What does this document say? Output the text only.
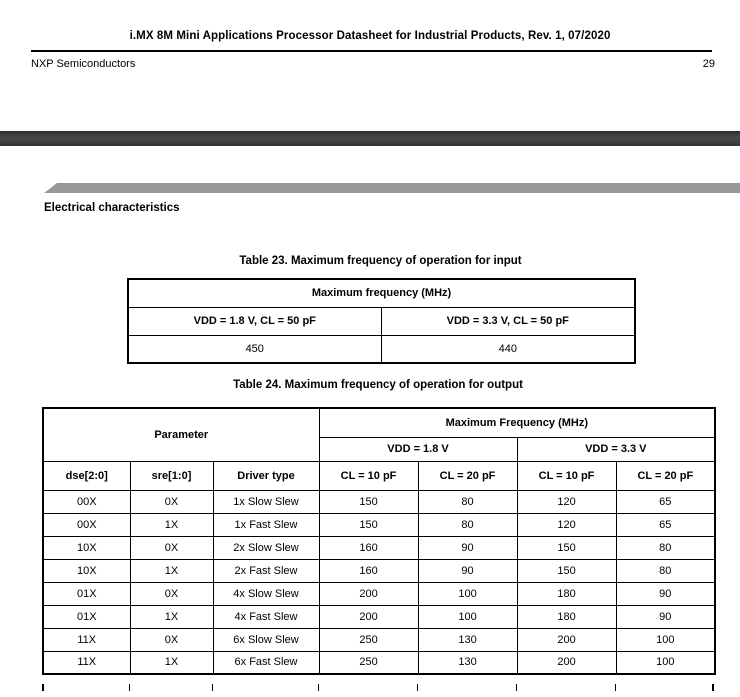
i.MX 8M Mini Applications Processor Datasheet for Industrial Products, Rev. 1, 07/2020
NXP Semiconductors	29
Electrical characteristics
Table 23. Maximum frequency of operation for input
Maximum frequency (MHz)	
VDD = 1.8 V, CL = 50 pF	VDD = 3.3 V, CL = 50 pF
450	440
Table 24. Maximum frequency of operation for output
Parameter			Maximum Frequency (MHz)			
			VDD = 1.8 V		VDD = 3.3 V	
dse[2:0]	sre[1:0]	Driver type	CL = 10 pF	CL = 20 pF	CL = 10 pF	CL = 20 pF
00X	0X	1x Slow Slew	150	80	120	65
00X	1X	1x Fast Slew	150	80	120	65
10X	0X	2x Slow Slew	160	90	150	80
10X	1X	2x Fast Slew	160	90	150	80
01X	0X	4x Slow Slew	200	100	180	90
01X	1X	4x Fast Slew	200	100	180	90
11X	0X	6x Slow Slew	250	130	200	100
11X	1X	6x Fast Slew	250	130	200	100
